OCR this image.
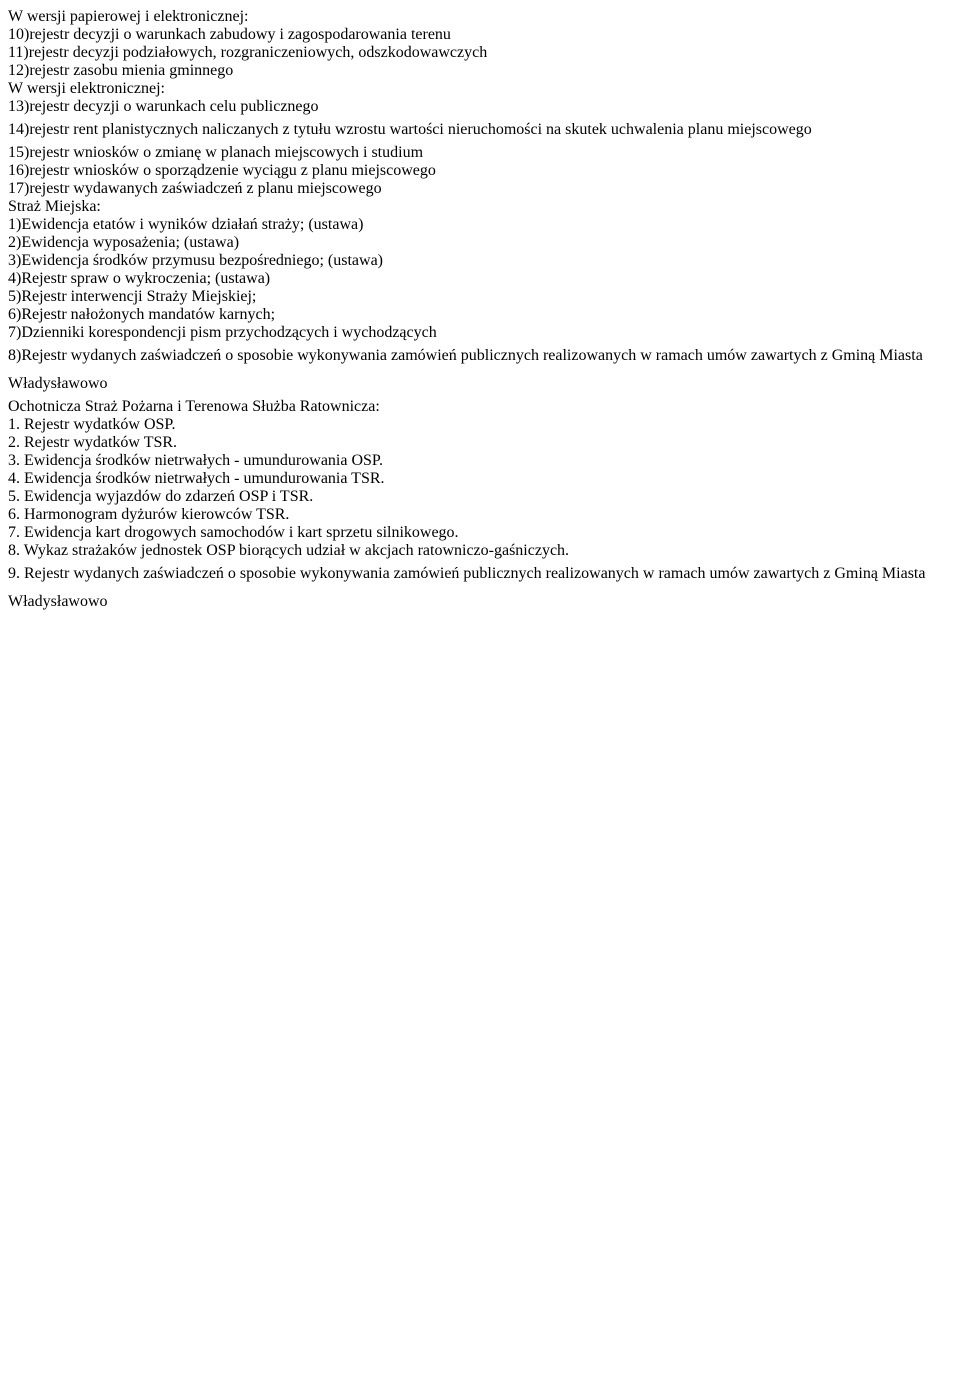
W wersji papierowej i elektronicznej:
10)rejestr decyzji o warunkach zabudowy i zagospodarowania terenu
11)rejestr decyzji podziałowych, rozgraniczeniowych, odszkodowawczych
12)rejestr zasobu mienia gminnego
W wersji elektronicznej:
13)rejestr decyzji o warunkach celu publicznego
14)rejestr rent planistycznych naliczanych z tytułu wzrostu wartości nieruchomości na skutek uchwalenia planu miejscowego
15)rejestr wniosków o zmianę w planach miejscowych i studium
16)rejestr wniosków o sporządzenie wyciągu z planu miejscowego
17)rejestr wydawanych zaświadczeń z planu miejscowego
Straż Miejska:
1)Ewidencja etatów i wyników działań straży; (ustawa)
2)Ewidencja wyposażenia; (ustawa)
3)Ewidencja środków przymusu bezpośredniego; (ustawa)
4)Rejestr spraw o wykroczenia; (ustawa)
5)Rejestr interwencji Straży Miejskiej;
6)Rejestr nałożonych mandatów karnych;
7)Dzienniki korespondencji pism przychodzących i wychodzących
8)Rejestr wydanych zaświadczeń o sposobie wykonywania zamówień publicznych realizowanych w ramach umów zawartych z Gminą Miasta Władysławowo
Ochotnicza Straż Pożarna i Terenowa Służba Ratownicza:
1. Rejestr wydatków OSP.
2. Rejestr wydatków TSR.
3. Ewidencja środków nietrwałych - umundurowania OSP.
4. Ewidencja środków nietrwałych - umundurowania TSR.
5. Ewidencja wyjazdów do zdarzeń OSP i TSR.
6. Harmonogram dyżurów kierowców TSR.
7. Ewidencja kart drogowych samochodów i kart sprzetu silnikowego.
8. Wykaz strażaków jednostek OSP biorących udział w akcjach ratowniczo-gaśniczych.
9. Rejestr wydanych zaświadczeń o sposobie wykonywania zamówień publicznych realizowanych w ramach umów zawartych z Gminą Miasta Władysławowo
